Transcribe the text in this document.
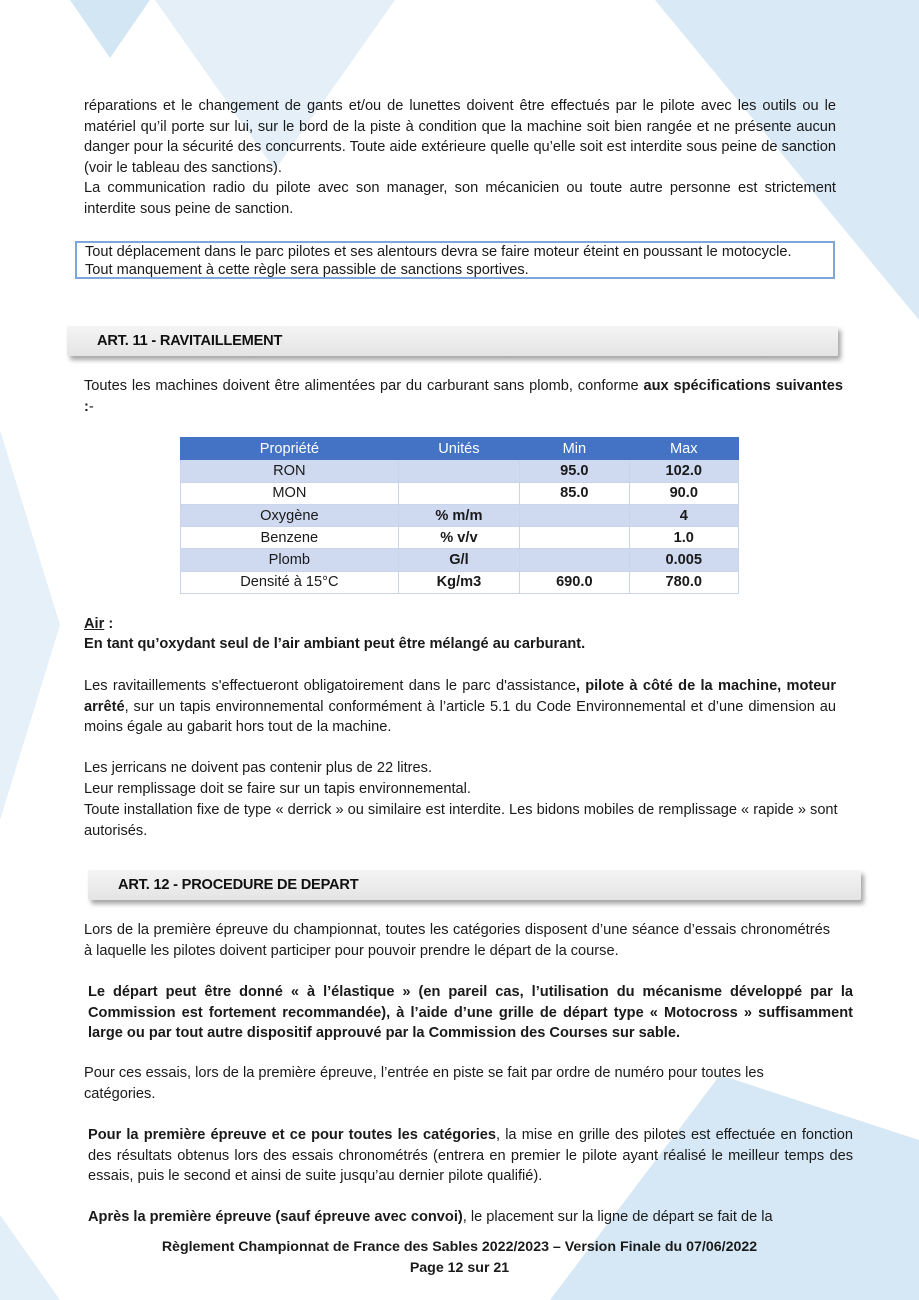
réparations et le changement de gants et/ou de lunettes doivent être effectués par le pilote avec les outils ou le matériel qu’il porte sur lui, sur le bord de la piste à condition que la machine soit bien rangée et ne présente aucun danger pour la sécurité des concurrents. Toute aide extérieure quelle qu’elle soit est interdite sous peine de sanction (voir le tableau des sanctions).

La communication radio du pilote avec son manager, son mécanicien ou toute autre personne est strictement interdite sous peine de sanction.

Tout déplacement dans le parc pilotes et ses alentours devra se faire moteur éteint en poussant le motocycle.
Tout manquement à cette règle sera passible de sanctions sportives.
ART. 11 - RAVITAILLEMENT

Toutes les machines doivent être alimentées par du carburant sans plomb, conforme aux spécifications suivantes :-

Propriété	Unités	Min	Max
RON		95.0	102.0
MON		85.0	90.0
Oxygène	% m/m		4
Benzene	% v/v		1.0
Plomb	G/l		0.005
Densité à 15°C	Kg/m3	690.0	780.0

Air :

En tant qu’oxydant seul de l’air ambiant peut être mélangé au carburant.

Les ravitaillements s'effectueront obligatoirement dans le parc d'assistance, pilote à côté de la machine, moteur arrêté, sur un tapis environnemental conformément à l’article 5.1 du Code Environnemental et d’une dimension au moins égale au gabarit hors tout de la machine.

Les jerricans ne doivent pas contenir plus de 22 litres.

Leur remplissage doit se faire sur un tapis environnemental.

Toute installation fixe de type « derrick » ou similaire est interdite. Les bidons mobiles de remplissage « rapide » sont autorisés.

ART. 12 - PROCEDURE DE DEPART

Lors de la première épreuve du championnat, toutes les catégories disposent d’une séance d’essais chronométrés à laquelle les pilotes doivent participer pour pouvoir prendre le départ de la course.

Le départ peut être donné « à l’élastique » (en pareil cas, l’utilisation du mécanisme développé par la Commission est fortement recommandée), à l’aide d’une grille de départ type « Motocross » suffisamment large ou par tout autre dispositif approuvé par la Commission des Courses sur sable.

Pour ces essais, lors de la première épreuve, l’entrée en piste se fait par ordre de numéro pour toutes les catégories.

Pour la première épreuve et ce pour toutes les catégories, la mise en grille des pilotes est effectuée en fonction des résultats obtenus lors des essais chronométrés (entrera en premier le pilote ayant réalisé le meilleur temps des essais, puis le second et ainsi de suite jusqu’au dernier pilote qualifié).

Après la première épreuve (sauf épreuve avec convoi), le placement sur la ligne de départ se fait de la

Règlement Championnat de France des Sables 2022/2023 – Version Finale du 07/06/2022
Page 12 sur 21
